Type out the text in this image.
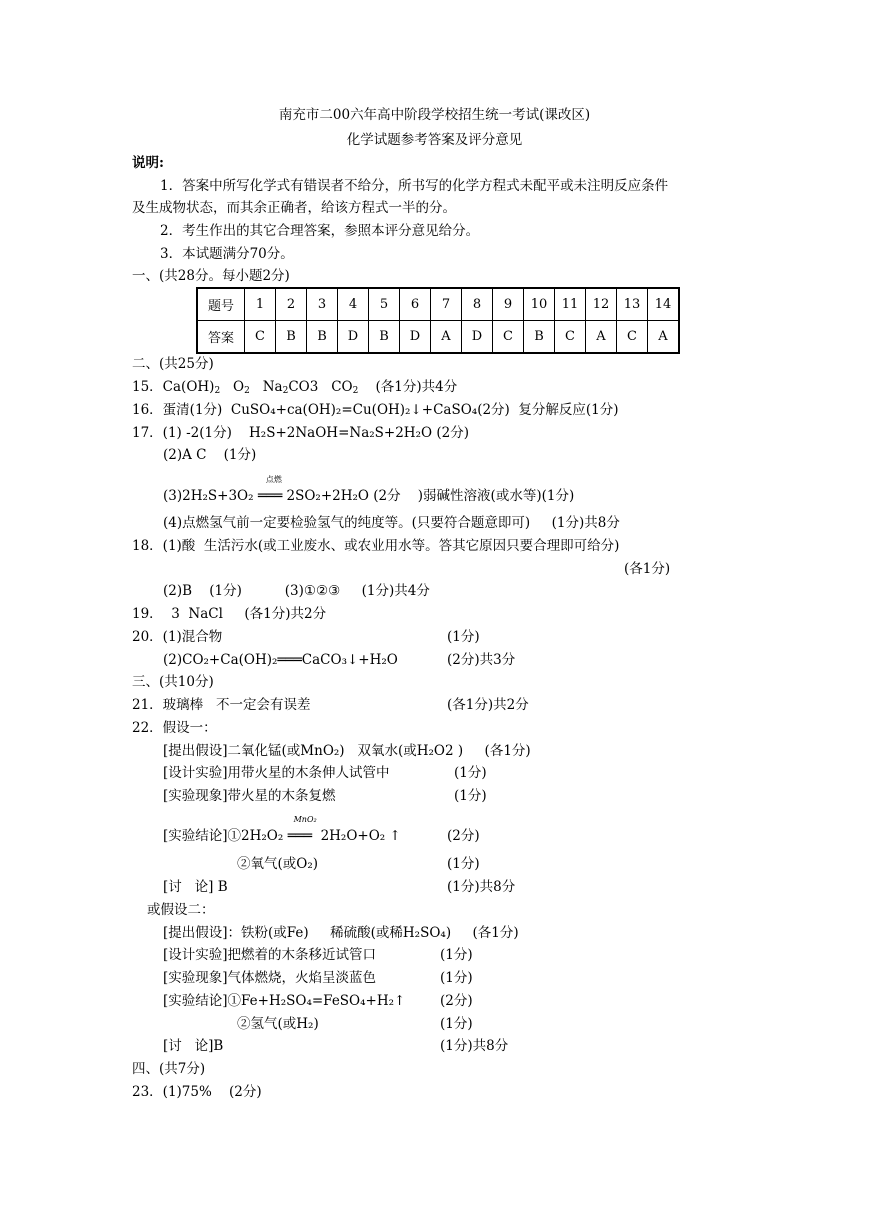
南充市二00六年高中阶段学校招生统一考试(课改区)
化学试题参考答案及评分意见
说明:
1．答案中所写化学式有错误者不给分，所书写的化学方程式未配平或未注明反应条件
及生成物状态，而其余正确者，给该方程式一半的分。
2．考生作出的其它合理答案，参照本评分意见给分。
3．本试题满分70分。
一、(共28分。每小题2分)
题号	1	2	3	4	5	6	7	8	9	10	11	12	13	14
答案	C	B	B	D	B	D	A	D	C	B	C	A	C	A
二、(共25分)
15．$Ca(OH)_2$   $O_2$   $Na_2CO3$   $CO_2$    (各1分)共4分
16．蛋清(1分)  CuSO₄+ca(OH)₂=Cu(OH)₂↓+CaSO₄(2分)  复分解反应(1分)
17．(1) -2(1分)    H₂S+2NaOH=Na₂S+2H₂O (2分)
(2)A C    (1分)
(3)2H₂S+3O₂
点燃
═══ 2SO₂+2H₂O (2分    )弱碱性溶液(或水等)(1分)
(4)点燃氢气前一定要检验氢气的纯度等。(只要符合题意即可)     (1分)共8分
18．(1)酸  生活污水(或工业废水、或农业用水等。答其它原因只要合理即可给分)
(各1分)
(2)B    (1分)          (3)①②③     (1分)共4分
19．  3  NaCl     (各1分)共2分
20．(1)混合物	(1分)
(2)CO₂+Ca(OH)₂═══CaCO₃↓+H₂O	(2分)共3分
三、(共10分)
21．玻璃棒   不一定会有误差	(各1分)共2分
22．假设一：
[提出假设]二氧化锰(或MnO₂)   双氧水(或H₂O2 )     (各1分)
[设计实验]用带火星的木条伸人试管中	(1分)
[实验现象]带火星的木条复燃	(1分)
[实验结论]①2H₂O₂
MnO₂
═══  2H₂O+O₂ ↑	(2分)
②氧气(或O₂)	(1分)
[讨   论] B	(1分)共8分
或假设二：
[提出假设]：铁粉(或Fe)     稀硫酸(或稀H₂SO₄)     (各1分)
[设计实验]把燃着的木条移近试管口	(1分)
[实验现象]气体燃烧，火焰呈淡蓝色	(1分)
[实验结论]①Fe+H₂SO₄=FeSO₄+H₂↑	(2分)
②氢气(或H₂)	(1分)
[讨   论]B	(1分)共8分
四、(共7分)
23．(1)75%    (2分)
